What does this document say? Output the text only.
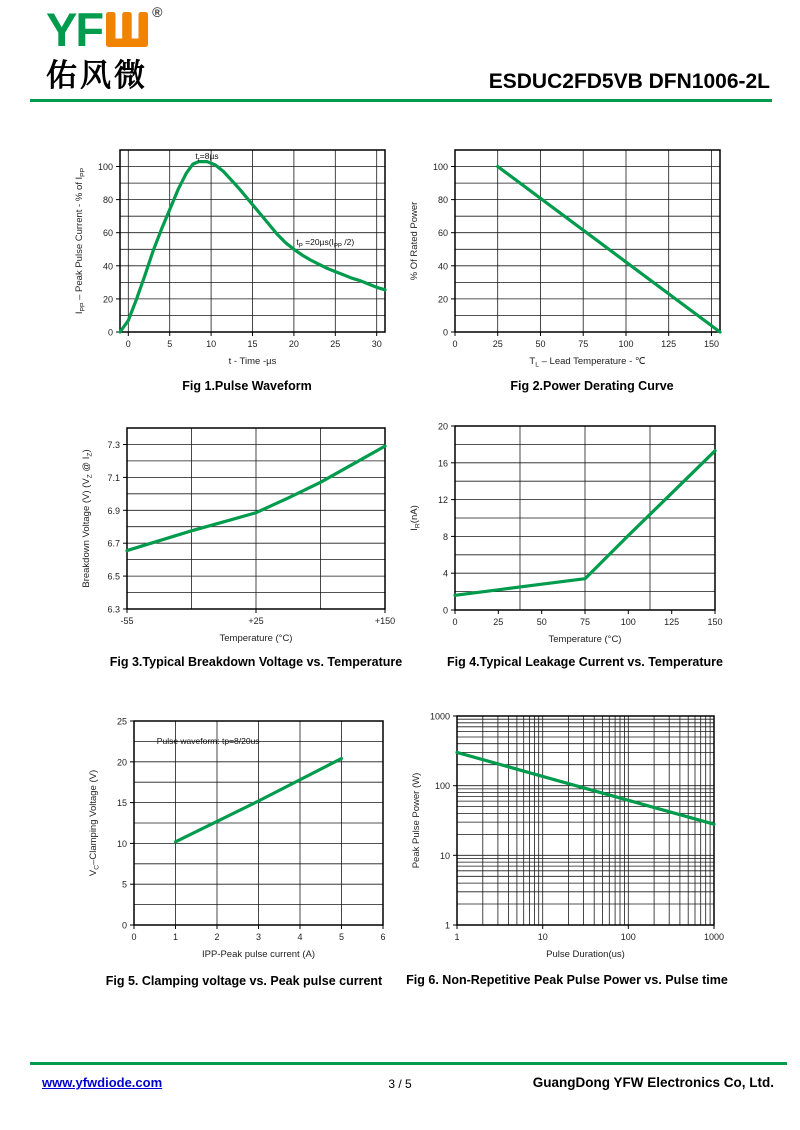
YF	®
佑风微	ESDUC2FD5VB DFN1006-2L
0	5	10	15	20	25	30
0
20
40
60
80
100
$t_r=8\mu s$
$t_P =20\mu s(I_{PP}$ /2)
t - Time -µs
$I_{PP}$ – Peak Pulse Current - % of $I_{PP}$
Fig 1.Pulse Waveform
0	25	50	75	100	125	150
0
20
40
60
80
100
$T_L$ – Lead Temperature - ℃
% Of Rated Power
Fig 2.Power Derating Curve
-55	+25	+150
6.3
6.5
6.7
6.9
7.1
7.3
Temperature (°C)
Breakdown Voltage (V) ($V_Z$ @ $I_Z$)
Fig 3.Typical Breakdown Voltage vs. Temperature
0	25	50	75	100	125	150
0
4
8
12
16
20
Temperature (°C)
$I_R(nA)$
Fig 4.Typical Leakage Current vs. Temperature
0	1	2	3	4	5	6
0
5
10
15
20
25
Pulse waveform: tp=8/20us
IPP-Peak pulse current (A)
$V_C$–Clamping Voltage (V)
Fig 5. Clamping voltage vs. Peak pulse current
1	10	100	1000
1
10
100
1000
Pulse Duration(us)
Peak Pulse Power (W)
Fig 6. Non-Repetitive Peak Pulse Power vs. Pulse time
www.yfwdiode.com	3 / 5	GuangDong YFW Electronics Co, Ltd.
